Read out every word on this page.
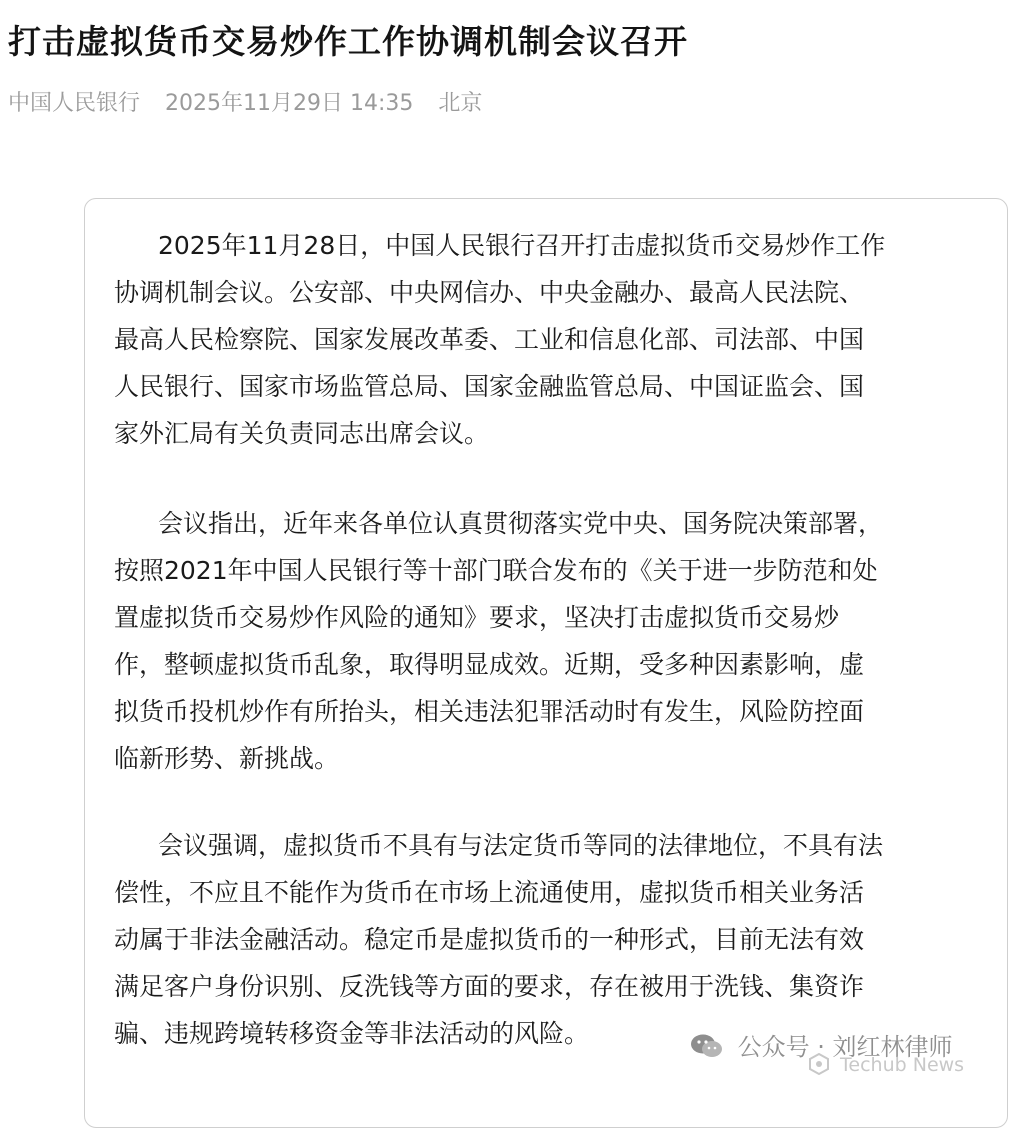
打击虚拟货币交易炒作工作协调机制会议召开
中国人民银行 2025年11月29日 14:35 北京
2025年11月28日，中国人民银行召开打击虚拟货币交易炒作工作
协调机制会议。公安部、中央网信办、中央金融办、最高人民法院、
最高人民检察院、国家发展改革委、工业和信息化部、司法部、中国
人民银行、国家市场监管总局、国家金融监管总局、中国证监会、国
家外汇局有关负责同志出席会议。
会议指出，近年来各单位认真贯彻落实党中央、国务院决策部署，
按照2021年中国人民银行等十部门联合发布的《关于进一步防范和处
置虚拟货币交易炒作风险的通知》要求，坚决打击虚拟货币交易炒
作，整顿虚拟货币乱象，取得明显成效。近期，受多种因素影响，虚
拟货币投机炒作有所抬头，相关违法犯罪活动时有发生，风险防控面
临新形势、新挑战。
会议强调，虚拟货币不具有与法定货币等同的法律地位，不具有法
偿性，不应且不能作为货币在市场上流通使用，虚拟货币相关业务活
动属于非法金融活动。稳定币是虚拟货币的一种形式，目前无法有效
满足客户身份识别、反洗钱等方面的要求，存在被用于洗钱、集资诈
骗、违规跨境转移资金等非法活动的风险。	公众号 · 刘红林律师
Techub News
